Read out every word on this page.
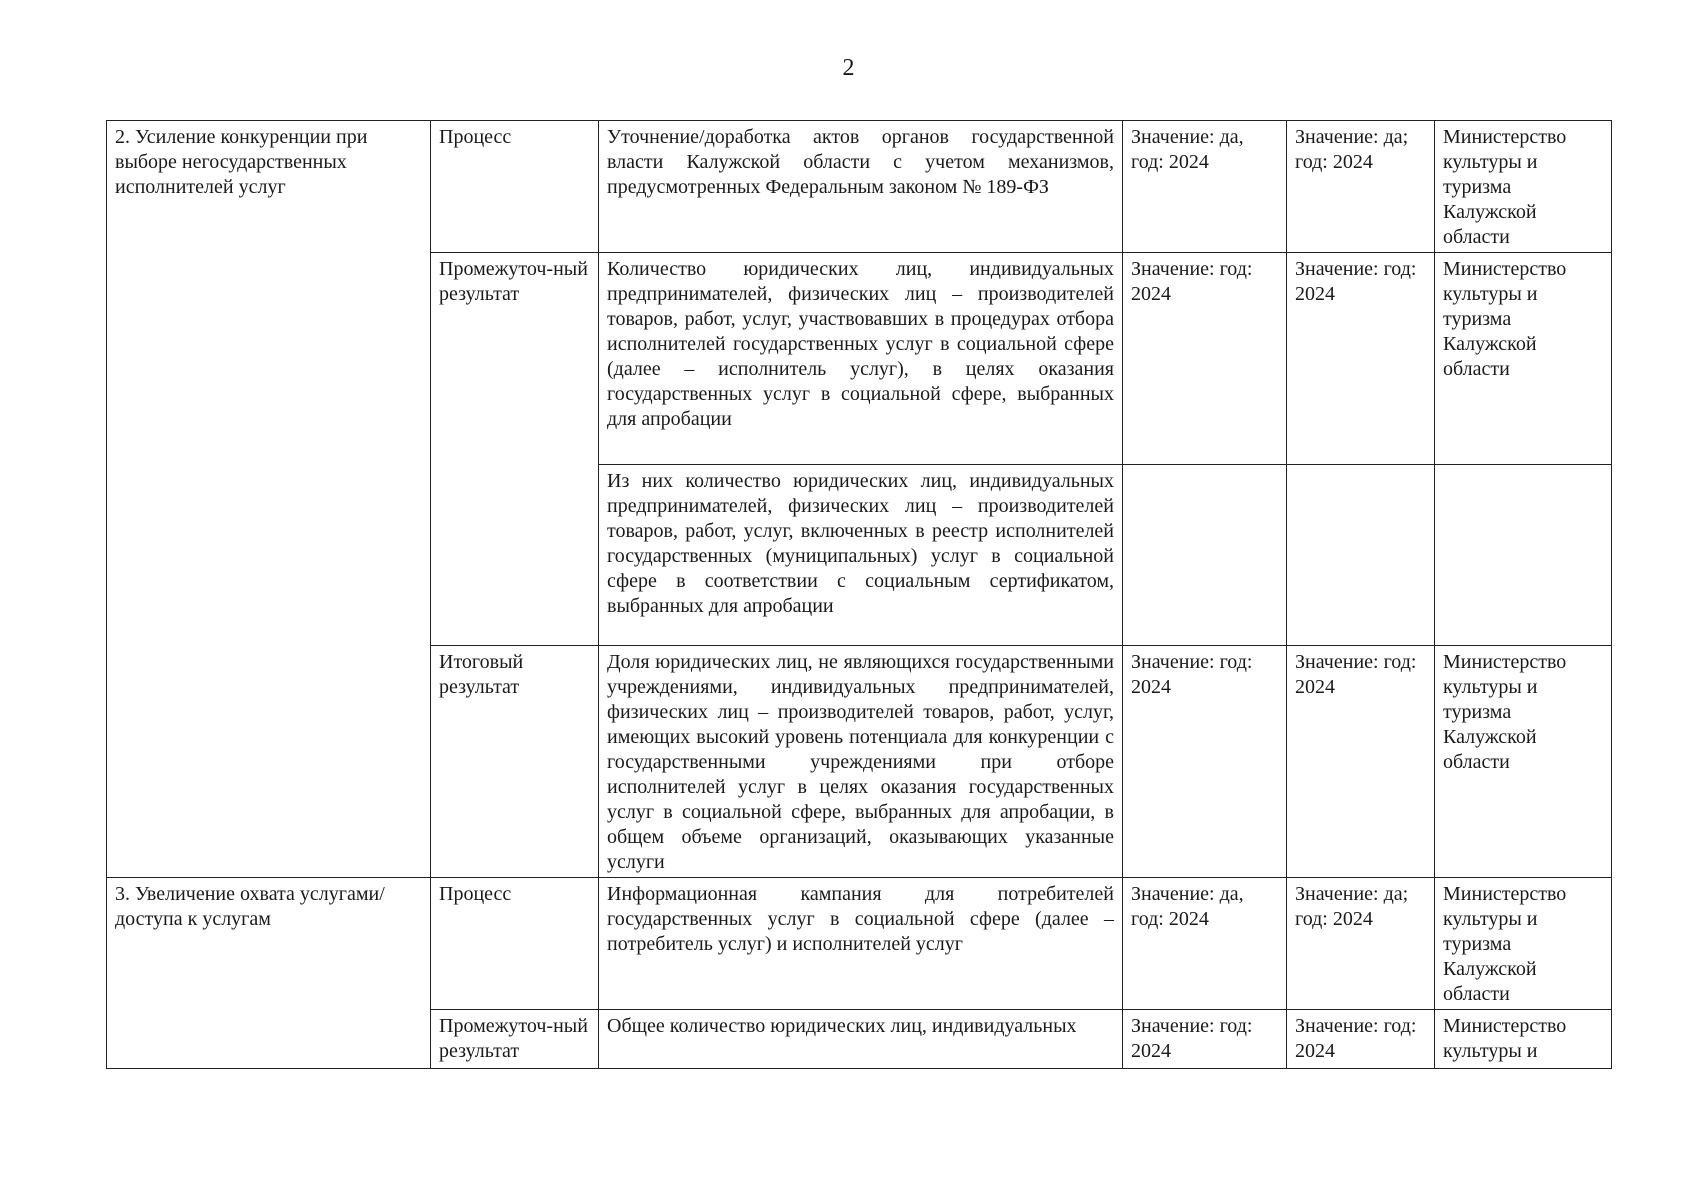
2
2. Усиление конкуренции при выборе негосударственных исполнителей услуг	Процесс	Уточнение/доработка актов органов государственной власти Калужской области с учетом механизмов, предусмотренных Федеральным законом № 189-ФЗ	Значение: да, год: 2024	Значение: да; год: 2024	Министерство культуры и туризма Калужской области
	Промежуточ-ный результат	Количество юридических лиц, индивидуальных предпринимателей, физических лиц – производителей товаров, работ, услуг, участвовавших в процедурах отбора исполнителей государственных услуг в социальной сфере (далее – исполнитель услуг), в целях оказания государственных услуг в социальной сфере, выбранных для апробации	Значение: год: 2024	Значение: год: 2024	Министерство культуры и туризма Калужской области
		Из них количество юридических лиц, индивидуальных предпринимателей, физических лиц – производителей товаров, работ, услуг, включенных в реестр исполнителей государственных (муниципальных) услуг в социальной сфере в соответствии с социальным сертификатом, выбранных для апробации			
	Итоговый результат	Доля юридических лиц, не являющихся государственными учреждениями, индивидуальных предпринимателей, физических лиц – производителей товаров, работ, услуг, имеющих высокий уровень потенциала для конкуренции с государственными учреждениями при отборе исполнителей услуг в целях оказания государственных услуг в социальной сфере, выбранных для апробации, в общем объеме организаций, оказывающих указанные услуги	Значение: год: 2024	Значение: год: 2024	Министерство культуры и туризма Калужской области
3. Увеличение охвата услугами/доступа к услугам	Процесс	Информационная кампания для потребителей государственных услуг в социальной сфере (далее – потребитель услуг) и исполнителей услуг	Значение: да, год: 2024	Значение: да; год: 2024	Министерство культуры и туризма Калужской области
	Промежуточ-ный результат	Общее количество юридических лиц, индивидуальных	Значение: год: 2024	Значение: год: 2024	Министерство культуры и
